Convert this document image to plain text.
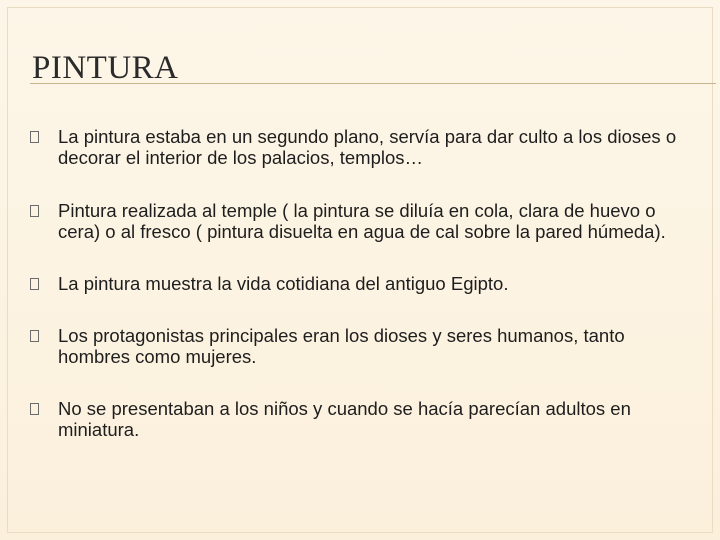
PINTURA
La pintura estaba en un segundo plano, servía para dar culto a los dioses o decorar el interior de los palacios, templos…
Pintura realizada al temple ( la pintura se diluía en cola, clara de huevo o cera) o al fresco ( pintura disuelta en agua de cal sobre la pared húmeda).
La pintura muestra la vida cotidiana del antiguo Egipto.
Los protagonistas principales eran los dioses y seres humanos, tanto hombres como mujeres.
No se presentaban a los niños y cuando se hacía parecían adultos en miniatura.
